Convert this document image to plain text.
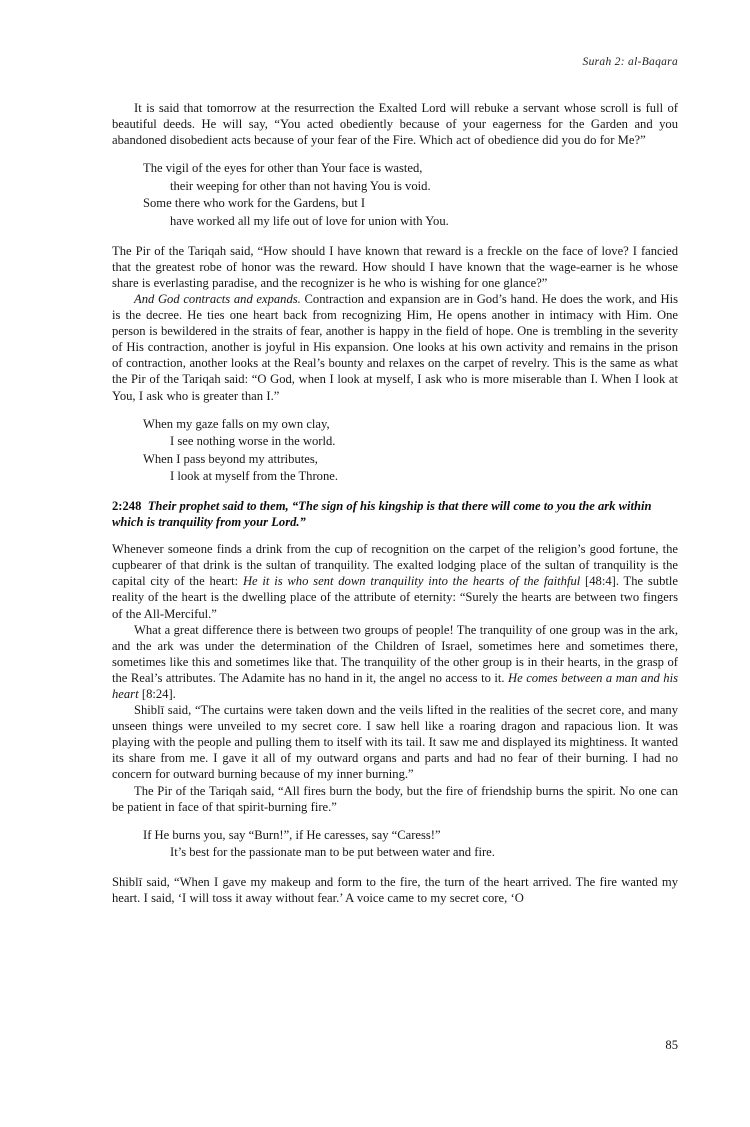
Surah 2: al-Baqara

It is said that tomorrow at the resurrection the Exalted Lord will rebuke a servant whose scroll is full of beautiful deeds. He will say, “You acted obediently because of your eagerness for the Garden and you abandoned disobedient acts because of your fear of the Fire. Which act of obedience did you do for Me?”

The vigil of the eyes for other than Your face is wasted,
their weeping for other than not having You is void.
Some there who work for the Gardens, but I
have worked all my life out of love for union with You.

The Pir of the Tariqah said, “How should I have known that reward is a freckle on the face of love? I fancied that the greatest robe of honor was the reward. How should I have known that the wage-earner is he whose share is everlasting paradise, and the recognizer is he who is wishing for one glance?”

And God contracts and expands. Contraction and expansion are in God’s hand. He does the work, and His is the decree. He ties one heart back from recognizing Him, He opens another in intimacy with Him. One person is bewildered in the straits of fear, another is happy in the field of hope. One is trembling in the severity of His contraction, another is joyful in His expansion. One looks at his own activity and remains in the prison of contraction, another looks at the Real’s bounty and relaxes on the carpet of revelry. This is the same as what the Pir of the Tariqah said: “O God, when I look at myself, I ask who is more miserable than I. When I look at You, I ask who is greater than I.”

When my gaze falls on my own clay,
I see nothing worse in the world.
When I pass beyond my attributes,
I look at myself from the Throne.

2:248 Their prophet said to them, “The sign of his kingship is that there will come to you the ark within which is tranquility from your Lord.”

Whenever someone finds a drink from the cup of recognition on the carpet of the religion’s good fortune, the cupbearer of that drink is the sultan of tranquility. The exalted lodging place of the sultan of tranquility is the capital city of the heart: He it is who sent down tranquility into the hearts of the faithful [48:4]. The subtle reality of the heart is the dwelling place of the attribute of eternity: “Surely the hearts are between two fingers of the All-Merciful.”

What a great difference there is between two groups of people! The tranquility of one group was in the ark, and the ark was under the determination of the Children of Israel, sometimes here and sometimes there, sometimes like this and sometimes like that. The tranquility of the other group is in their hearts, in the grasp of the Real’s attributes. The Adamite has no hand in it, the angel no access to it. He comes between a man and his heart [8:24].

Shiblī said, “The curtains were taken down and the veils lifted in the realities of the secret core, and many unseen things were unveiled to my secret core. I saw hell like a roaring dragon and rapacious lion. It was playing with the people and pulling them to itself with its tail. It saw me and displayed its mightiness. It wanted its share from me. I gave it all of my outward organs and parts and had no fear of their burning. I had no concern for outward burning because of my inner burning.”

The Pir of the Tariqah said, “All fires burn the body, but the fire of friendship burns the spirit. No one can be patient in face of that spirit-burning fire.”

If He burns you, say “Burn!”, if He caresses, say “Caress!”
It’s best for the passionate man to be put between water and fire.

Shiblī said, “When I gave my makeup and form to the fire, the turn of the heart arrived. The fire wanted my heart. I said, ‘I will toss it away without fear.’ A voice came to my secret core, ‘O

85
